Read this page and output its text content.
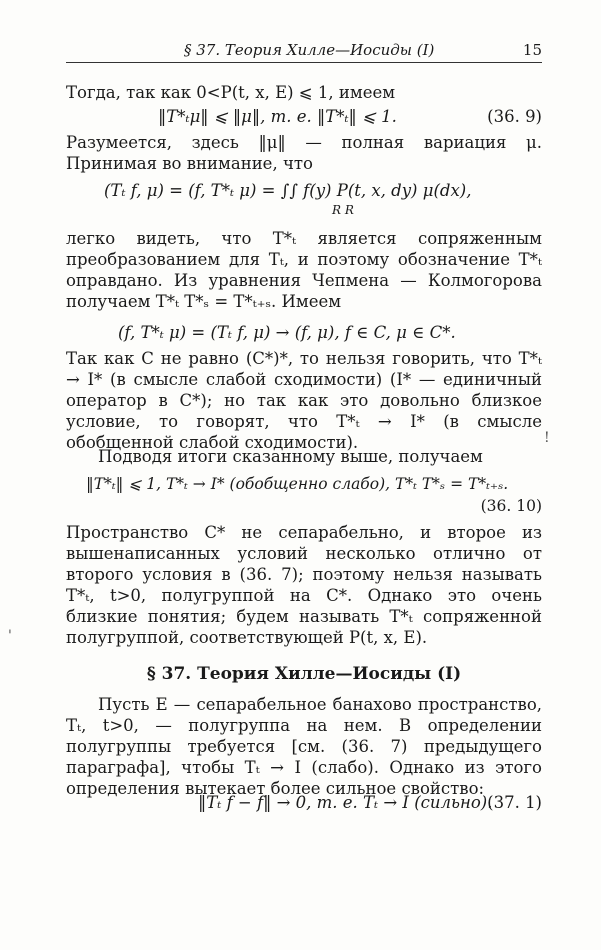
§ 37. Теория Хилле—Иосиды (I)	15
Тогда, так как 0<P(t, x, E) ⩽ 1, имеем
‖T*ₜμ‖ ⩽ ‖μ‖, т. е. ‖T*ₜ‖ ⩽ 1.	(36. 9)
Разумеется, здесь ‖μ‖ — полная вариация μ. Принимая во внимание, что
(Tₜ f, μ) = (f, T*ₜ μ) = ∫∫ f(y) P(t, x, dy) μ(dx),
R R
легко видеть, что T*ₜ является сопряженным преобразованием для Tₜ, и поэтому обозначение T*ₜ оправдано. Из уравнения Чепмена — Колмогорова получаем T*ₜ T*ₛ = T*ₜ₊ₛ. Имеем
(f, T*ₜ μ) = (Tₜ f, μ) → (f, μ), f ∈ C, μ ∈ C*.
Так как C не равно (C*)*, то нельзя говорить, что T*ₜ → I* (в смысле слабой сходимости) (I* — единичный оператор в C*); но так как это довольно близкое условие, то говорят, что T*ₜ → I* (в смысле обобщенной слабой сходимости).	!
Подводя итоги сказанному выше, получаем
‖T*ₜ‖ ⩽ 1, T*ₜ → I* (обобщенно слабо), T*ₜ T*ₛ = T*ₜ₊ₛ.
(36. 10)
Пространство C* не сепарабельно, и второе из вышенаписанных условий несколько отлично от второго условия в (36. 7); поэтому нельзя называть T*ₜ, t>0, полугруппой на C*. Однако это очень близкие понятия; будем называть T*ₜ сопряженной полугруппой, соответствующей P(t, x, E).
'
§ 37. Теория Хилле—Иосиды (I)
Пусть E — сепарабельное банахово пространство, Tₜ, t>0, — полугруппа на нем. В определении полугруппы требуется [см. (36. 7) предыдущего параграфа], чтобы Tₜ → I (слабо). Однако из этого определения вытекает более сильное свойство:
‖Tₜ f − f‖ → 0, т. е. Tₜ → I (сильно).
(37. 1)
